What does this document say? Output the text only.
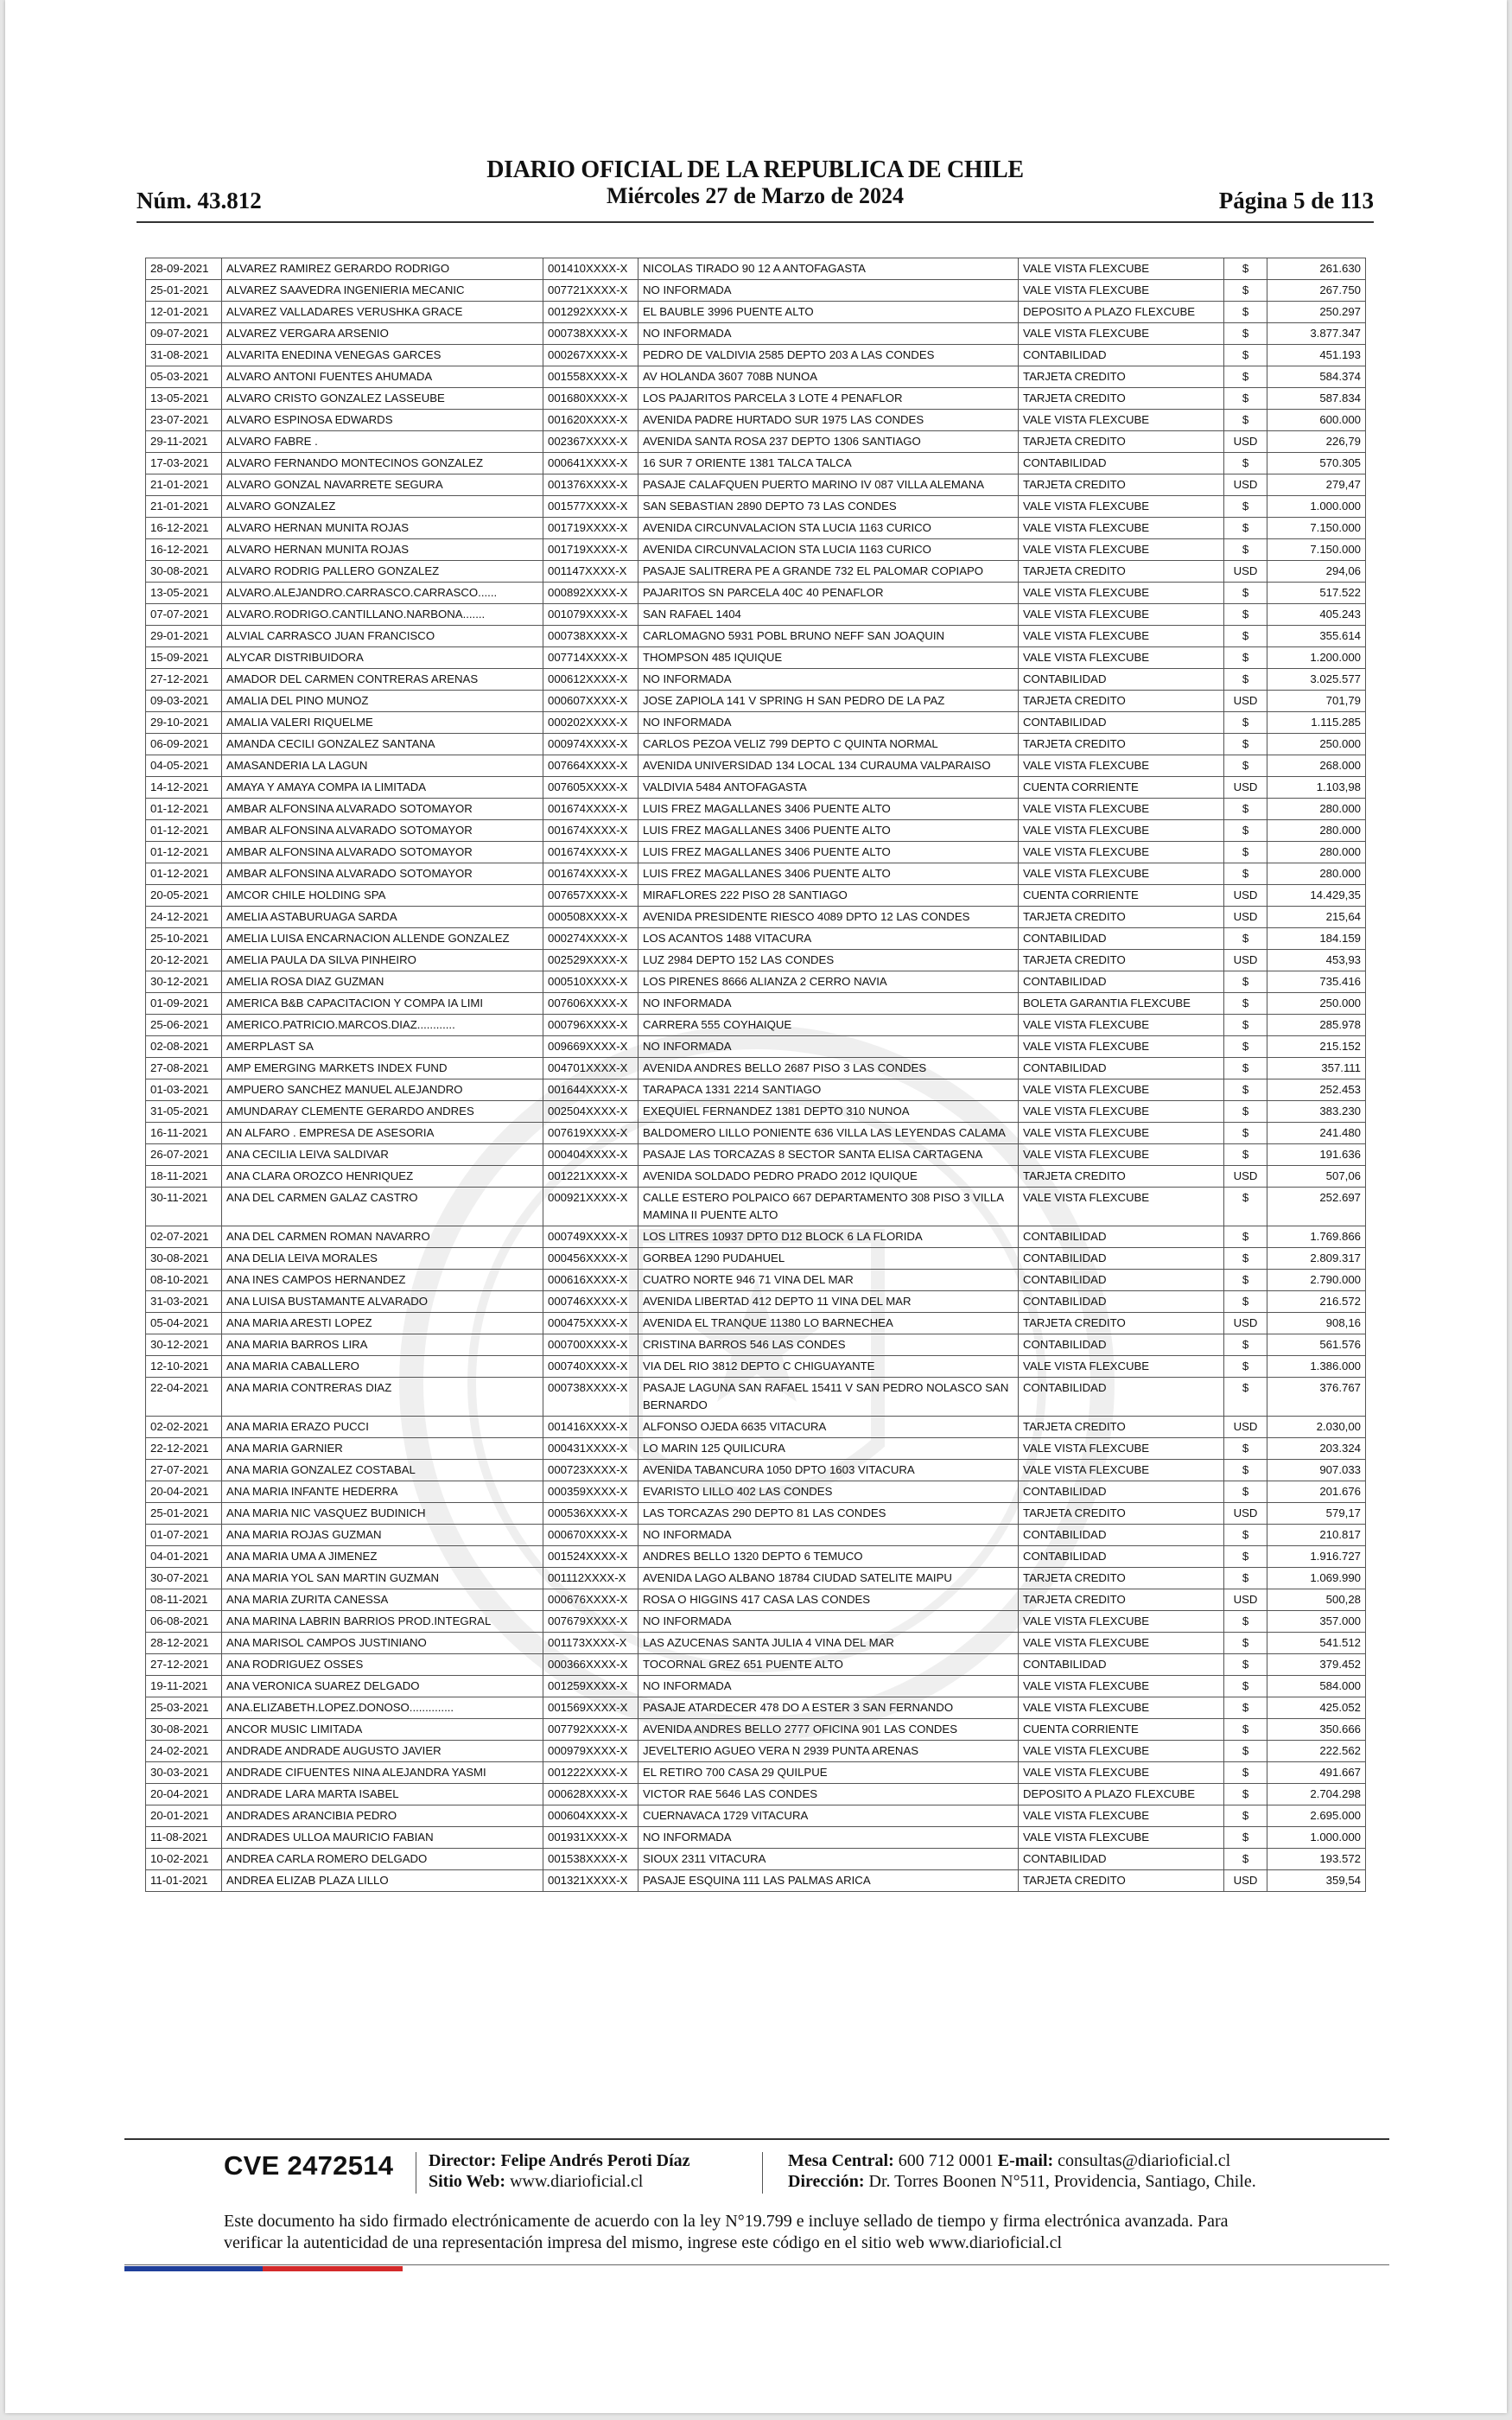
Núm. 43.812
DIARIO OFICIAL DE LA REPUBLICA DE CHILE
Miércoles 27 de Marzo de 2024	Página 5 de 113
28-09-2021	ALVAREZ RAMIREZ GERARDO RODRIGO	001410XXXX-X	NICOLAS TIRADO 90 12 A ANTOFAGASTA	VALE VISTA FLEXCUBE	$	261.630
25-01-2021	ALVAREZ SAAVEDRA INGENIERIA MECANIC	007721XXXX-X	NO INFORMADA	VALE VISTA FLEXCUBE	$	267.750
12-01-2021	ALVAREZ VALLADARES VERUSHKA GRACE	001292XXXX-X	EL BAUBLE 3996 PUENTE ALTO	DEPOSITO A PLAZO FLEXCUBE	$	250.297
09-07-2021	ALVAREZ VERGARA ARSENIO	000738XXXX-X	NO INFORMADA	VALE VISTA FLEXCUBE	$	3.877.347
31-08-2021	ALVARITA ENEDINA VENEGAS GARCES	000267XXXX-X	PEDRO DE VALDIVIA 2585 DEPTO 203 A LAS CONDES	CONTABILIDAD	$	451.193
05-03-2021	ALVARO ANTONI FUENTES AHUMADA	001558XXXX-X	AV HOLANDA 3607 708B NUNOA	TARJETA CREDITO	$	584.374
13-05-2021	ALVARO CRISTO GONZALEZ LASSEUBE	001680XXXX-X	LOS PAJARITOS PARCELA 3 LOTE 4 PENAFLOR	TARJETA CREDITO	$	587.834
23-07-2021	ALVARO ESPINOSA EDWARDS	001620XXXX-X	AVENIDA PADRE HURTADO SUR 1975 LAS CONDES	VALE VISTA FLEXCUBE	$	600.000
29-11-2021	ALVARO FABRE .	002367XXXX-X	AVENIDA SANTA ROSA 237 DEPTO 1306 SANTIAGO	TARJETA CREDITO	USD	226,79
17-03-2021	ALVARO FERNANDO MONTECINOS GONZALEZ	000641XXXX-X	16 SUR 7 ORIENTE 1381 TALCA TALCA	CONTABILIDAD	$	570.305
21-01-2021	ALVARO GONZAL NAVARRETE SEGURA	001376XXXX-X	PASAJE CALAFQUEN PUERTO MARINO IV 087 VILLA ALEMANA	TARJETA CREDITO	USD	279,47
21-01-2021	ALVARO GONZALEZ	001577XXXX-X	SAN SEBASTIAN 2890 DEPTO 73 LAS CONDES	VALE VISTA FLEXCUBE	$	1.000.000
16-12-2021	ALVARO HERNAN MUNITA ROJAS	001719XXXX-X	AVENIDA CIRCUNVALACION STA LUCIA 1163 CURICO	VALE VISTA FLEXCUBE	$	7.150.000
16-12-2021	ALVARO HERNAN MUNITA ROJAS	001719XXXX-X	AVENIDA CIRCUNVALACION STA LUCIA 1163 CURICO	VALE VISTA FLEXCUBE	$	7.150.000
30-08-2021	ALVARO RODRIG PALLERO GONZALEZ	001147XXXX-X	PASAJE SALITRERA PE A GRANDE 732 EL PALOMAR COPIAPO	TARJETA CREDITO	USD	294,06
13-05-2021	ALVARO.ALEJANDRO.CARRASCO.CARRASCO......	000892XXXX-X	PAJARITOS SN PARCELA 40C 40 PENAFLOR	VALE VISTA FLEXCUBE	$	517.522
07-07-2021	ALVARO.RODRIGO.CANTILLANO.NARBONA.......	001079XXXX-X	SAN RAFAEL 1404	VALE VISTA FLEXCUBE	$	405.243
29-01-2021	ALVIAL CARRASCO JUAN FRANCISCO	000738XXXX-X	CARLOMAGNO 5931 POBL BRUNO NEFF SAN JOAQUIN	VALE VISTA FLEXCUBE	$	355.614
15-09-2021	ALYCAR DISTRIBUIDORA	007714XXXX-X	THOMPSON 485 IQUIQUE	VALE VISTA FLEXCUBE	$	1.200.000
27-12-2021	AMADOR DEL CARMEN CONTRERAS ARENAS	000612XXXX-X	NO INFORMADA	CONTABILIDAD	$	3.025.577
09-03-2021	AMALIA DEL PINO MUNOZ	000607XXXX-X	JOSE ZAPIOLA 141 V SPRING H SAN PEDRO DE LA PAZ	TARJETA CREDITO	USD	701,79
29-10-2021	AMALIA VALERI RIQUELME	000202XXXX-X	NO INFORMADA	CONTABILIDAD	$	1.115.285
06-09-2021	AMANDA CECILI GONZALEZ SANTANA	000974XXXX-X	CARLOS PEZOA VELIZ 799 DEPTO C QUINTA NORMAL	TARJETA CREDITO	$	250.000
04-05-2021	AMASANDERIA LA LAGUN	007664XXXX-X	AVENIDA UNIVERSIDAD 134 LOCAL 134 CURAUMA VALPARAISO	VALE VISTA FLEXCUBE	$	268.000
14-12-2021	AMAYA Y AMAYA COMPA IA LIMITADA	007605XXXX-X	VALDIVIA 5484 ANTOFAGASTA	CUENTA CORRIENTE	USD	1.103,98
01-12-2021	AMBAR ALFONSINA ALVARADO SOTOMAYOR	001674XXXX-X	LUIS FREZ MAGALLANES 3406 PUENTE ALTO	VALE VISTA FLEXCUBE	$	280.000
01-12-2021	AMBAR ALFONSINA ALVARADO SOTOMAYOR	001674XXXX-X	LUIS FREZ MAGALLANES 3406 PUENTE ALTO	VALE VISTA FLEXCUBE	$	280.000
01-12-2021	AMBAR ALFONSINA ALVARADO SOTOMAYOR	001674XXXX-X	LUIS FREZ MAGALLANES 3406 PUENTE ALTO	VALE VISTA FLEXCUBE	$	280.000
01-12-2021	AMBAR ALFONSINA ALVARADO SOTOMAYOR	001674XXXX-X	LUIS FREZ MAGALLANES 3406 PUENTE ALTO	VALE VISTA FLEXCUBE	$	280.000
20-05-2021	AMCOR CHILE HOLDING SPA	007657XXXX-X	MIRAFLORES 222 PISO 28 SANTIAGO	CUENTA CORRIENTE	USD	14.429,35
24-12-2021	AMELIA ASTABURUAGA SARDA	000508XXXX-X	AVENIDA PRESIDENTE RIESCO 4089 DPTO 12 LAS CONDES	TARJETA CREDITO	USD	215,64
25-10-2021	AMELIA LUISA ENCARNACION ALLENDE GONZALEZ	000274XXXX-X	LOS ACANTOS 1488 VITACURA	CONTABILIDAD	$	184.159
20-12-2021	AMELIA PAULA DA SILVA PINHEIRO	002529XXXX-X	LUZ 2984 DEPTO 152 LAS CONDES	TARJETA CREDITO	USD	453,93
30-12-2021	AMELIA ROSA DIAZ GUZMAN	000510XXXX-X	LOS PIRENES 8666 ALIANZA 2 CERRO NAVIA	CONTABILIDAD	$	735.416
01-09-2021	AMERICA B&B CAPACITACION Y COMPA IA LIMI	007606XXXX-X	NO INFORMADA	BOLETA GARANTIA FLEXCUBE	$	250.000
25-06-2021	AMERICO.PATRICIO.MARCOS.DIAZ............	000796XXXX-X	CARRERA 555 COYHAIQUE	VALE VISTA FLEXCUBE	$	285.978
02-08-2021	AMERPLAST SA	009669XXXX-X	NO INFORMADA	VALE VISTA FLEXCUBE	$	215.152
27-08-2021	AMP EMERGING MARKETS INDEX FUND	004701XXXX-X	AVENIDA ANDRES BELLO 2687 PISO 3 LAS CONDES	CONTABILIDAD	$	357.111
01-03-2021	AMPUERO SANCHEZ MANUEL ALEJANDRO	001644XXXX-X	TARAPACA 1331 2214 SANTIAGO	VALE VISTA FLEXCUBE	$	252.453
31-05-2021	AMUNDARAY CLEMENTE GERARDO ANDRES	002504XXXX-X	EXEQUIEL FERNANDEZ 1381 DEPTO 310 NUNOA	VALE VISTA FLEXCUBE	$	383.230
16-11-2021	AN ALFARO . EMPRESA DE ASESORIA	007619XXXX-X	BALDOMERO LILLO PONIENTE 636 VILLA LAS LEYENDAS CALAMA	VALE VISTA FLEXCUBE	$	241.480
26-07-2021	ANA CECILIA LEIVA SALDIVAR	000404XXXX-X	PASAJE LAS TORCAZAS 8 SECTOR SANTA ELISA CARTAGENA	VALE VISTA FLEXCUBE	$	191.636
18-11-2021	ANA CLARA OROZCO HENRIQUEZ	001221XXXX-X	AVENIDA SOLDADO PEDRO PRADO 2012 IQUIQUE	TARJETA CREDITO	USD	507,06
30-11-2021	ANA DEL CARMEN GALAZ CASTRO	000921XXXX-X	CALLE ESTERO POLPAICO 667 DEPARTAMENTO 308 PISO 3 VILLA MAMINA II PUENTE ALTO	VALE VISTA FLEXCUBE	$	252.697
02-07-2021	ANA DEL CARMEN ROMAN NAVARRO	000749XXXX-X	LOS LITRES 10937 DPTO D12 BLOCK 6 LA FLORIDA	CONTABILIDAD	$	1.769.866
30-08-2021	ANA DELIA LEIVA MORALES	000456XXXX-X	GORBEA 1290 PUDAHUEL	CONTABILIDAD	$	2.809.317
08-10-2021	ANA INES CAMPOS HERNANDEZ	000616XXXX-X	CUATRO NORTE 946 71 VINA DEL MAR	CONTABILIDAD	$	2.790.000
31-03-2021	ANA LUISA BUSTAMANTE ALVARADO	000746XXXX-X	AVENIDA LIBERTAD 412 DEPTO 11 VINA DEL MAR	CONTABILIDAD	$	216.572
05-04-2021	ANA MARIA ARESTI LOPEZ	000475XXXX-X	AVENIDA EL TRANQUE 11380 LO BARNECHEA	TARJETA CREDITO	USD	908,16
30-12-2021	ANA MARIA BARROS LIRA	000700XXXX-X	CRISTINA BARROS 546 LAS CONDES	CONTABILIDAD	$	561.576
12-10-2021	ANA MARIA CABALLERO	000740XXXX-X	VIA DEL RIO 3812 DEPTO C CHIGUAYANTE	VALE VISTA FLEXCUBE	$	1.386.000
22-04-2021	ANA MARIA CONTRERAS DIAZ	000738XXXX-X	PASAJE LAGUNA SAN RAFAEL 15411 V SAN PEDRO NOLASCO SAN BERNARDO	CONTABILIDAD	$	376.767
02-02-2021	ANA MARIA ERAZO PUCCI	001416XXXX-X	ALFONSO OJEDA 6635 VITACURA	TARJETA CREDITO	USD	2.030,00
22-12-2021	ANA MARIA GARNIER	000431XXXX-X	LO MARIN 125 QUILICURA	VALE VISTA FLEXCUBE	$	203.324
27-07-2021	ANA MARIA GONZALEZ COSTABAL	000723XXXX-X	AVENIDA TABANCURA 1050 DPTO 1603 VITACURA	VALE VISTA FLEXCUBE	$	907.033
20-04-2021	ANA MARIA INFANTE HEDERRA	000359XXXX-X	EVARISTO LILLO 402 LAS CONDES	CONTABILIDAD	$	201.676
25-01-2021	ANA MARIA NIC VASQUEZ BUDINICH	000536XXXX-X	LAS TORCAZAS 290 DEPTO 81 LAS CONDES	TARJETA CREDITO	USD	579,17
01-07-2021	ANA MARIA ROJAS GUZMAN	000670XXXX-X	NO INFORMADA	CONTABILIDAD	$	210.817
04-01-2021	ANA MARIA UMA A JIMENEZ	001524XXXX-X	ANDRES BELLO 1320 DEPTO 6 TEMUCO	CONTABILIDAD	$	1.916.727
30-07-2021	ANA MARIA YOL SAN MARTIN GUZMAN	001112XXXX-X	AVENIDA LAGO ALBANO 18784 CIUDAD SATELITE MAIPU	TARJETA CREDITO	$	1.069.990
08-11-2021	ANA MARIA ZURITA CANESSA	000676XXXX-X	ROSA O HIGGINS 417 CASA LAS CONDES	TARJETA CREDITO	USD	500,28
06-08-2021	ANA MARINA LABRIN BARRIOS PROD.INTEGRAL	007679XXXX-X	NO INFORMADA	VALE VISTA FLEXCUBE	$	357.000
28-12-2021	ANA MARISOL CAMPOS JUSTINIANO	001173XXXX-X	LAS AZUCENAS SANTA JULIA 4 VINA DEL MAR	VALE VISTA FLEXCUBE	$	541.512
27-12-2021	ANA RODRIGUEZ OSSES	000366XXXX-X	TOCORNAL GREZ 651 PUENTE ALTO	CONTABILIDAD	$	379.452
19-11-2021	ANA VERONICA SUAREZ DELGADO	001259XXXX-X	NO INFORMADA	VALE VISTA FLEXCUBE	$	584.000
25-03-2021	ANA.ELIZABETH.LOPEZ.DONOSO..............	001569XXXX-X	PASAJE ATARDECER 478 DO A ESTER 3 SAN FERNANDO	VALE VISTA FLEXCUBE	$	425.052
30-08-2021	ANCOR MUSIC LIMITADA	007792XXXX-X	AVENIDA ANDRES BELLO 2777 OFICINA 901 LAS CONDES	CUENTA CORRIENTE	$	350.666
24-02-2021	ANDRADE ANDRADE AUGUSTO JAVIER	000979XXXX-X	JEVELTERIO AGUEO VERA N 2939 PUNTA ARENAS	VALE VISTA FLEXCUBE	$	222.562
30-03-2021	ANDRADE CIFUENTES NINA ALEJANDRA YASMI	001222XXXX-X	EL RETIRO 700 CASA 29 QUILPUE	VALE VISTA FLEXCUBE	$	491.667
20-04-2021	ANDRADE LARA MARTA ISABEL	000628XXXX-X	VICTOR RAE 5646 LAS CONDES	DEPOSITO A PLAZO FLEXCUBE	$	2.704.298
20-01-2021	ANDRADES ARANCIBIA PEDRO	000604XXXX-X	CUERNAVACA 1729 VITACURA	VALE VISTA FLEXCUBE	$	2.695.000
11-08-2021	ANDRADES ULLOA MAURICIO FABIAN	001931XXXX-X	NO INFORMADA	VALE VISTA FLEXCUBE	$	1.000.000
10-02-2021	ANDREA CARLA ROMERO DELGADO	001538XXXX-X	SIOUX 2311 VITACURA	CONTABILIDAD	$	193.572
11-01-2021	ANDREA ELIZAB PLAZA LILLO	001321XXXX-X	PASAJE ESQUINA 111 LAS PALMAS ARICA	TARJETA CREDITO	USD	359,54
CVE 2472514 Director: Felipe Andrés Peroti Díaz
Sitio Web: www.diarioficial.cl
Mesa Central: 600 712 0001 E-mail: consultas@diarioficial.cl
Dirección: Dr. Torres Boonen N°511, Providencia, Santiago, Chile.
Este documento ha sido firmado electrónicamente de acuerdo con la ley N°19.799 e incluye sellado de tiempo y firma electrónica avanzada. Para verificar la autenticidad de una representación impresa del mismo, ingrese este código en el sitio web www.diarioficial.cl
